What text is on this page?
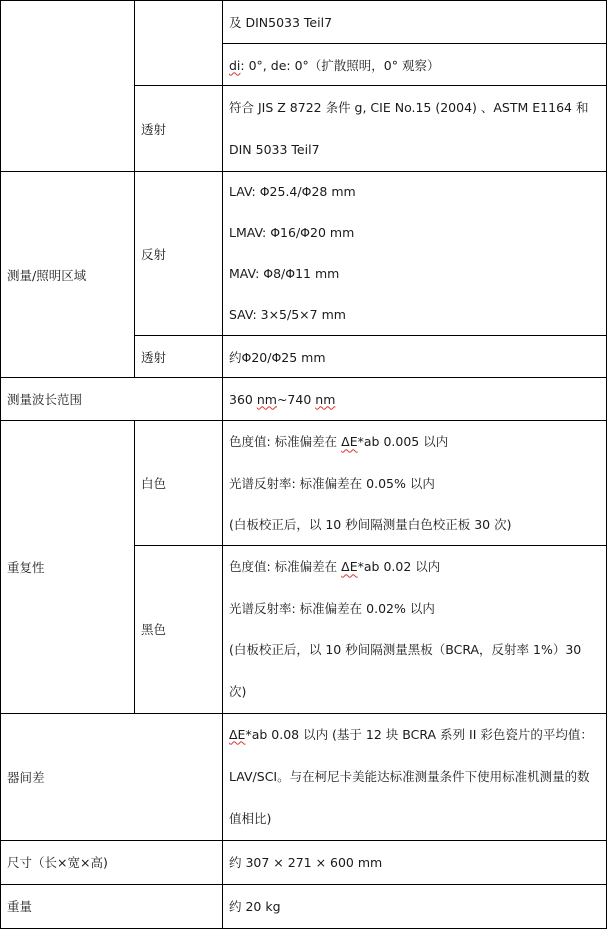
		及 DIN5033 Teil7

		di: 0°, de: 0°（扩散照明，0° 观察）

	透射	符合 JIS Z 8722 条件 g, CIE No.15 (2004) 、ASTM E1164 和 DIN 5033 Teil7
测量/照明区域	反射	LAV: Φ25.4/Φ28 mm

		LMAV: Φ16/Φ20 mm

		MAV: Φ8/Φ11 mm

		SAV: 3×5/5×7 mm

	透射	约Φ20/Φ25 mm
测量波长范围		360 nm~740 nm

重复性	白色	色度值: 标准偏差在 ΔE*ab 0.005 以内

		光谱反射率: 标准偏差在 0.05% 以内

		(白板校正后，以 10 秒间隔测量白色校正板 30 次)

	黑色	色度值: 标准偏差在 ΔE*ab 0.02 以内

		光谱反射率: 标准偏差在 0.02% 以内

		(白板校正后，以 10 秒间隔测量黑板（BCRA，反射率 1%）30 次)

器间差		ΔE*ab 0.08 以内 (基于 12 块 BCRA 系列 II 彩色瓷片的平均值：LAV/SCI。与在柯尼卡美能达标准测量条件下使用标准机测量的数值相比)
尺寸（长×宽×高)		约 307 × 271 × 600 mm
重量		约 20 kg
